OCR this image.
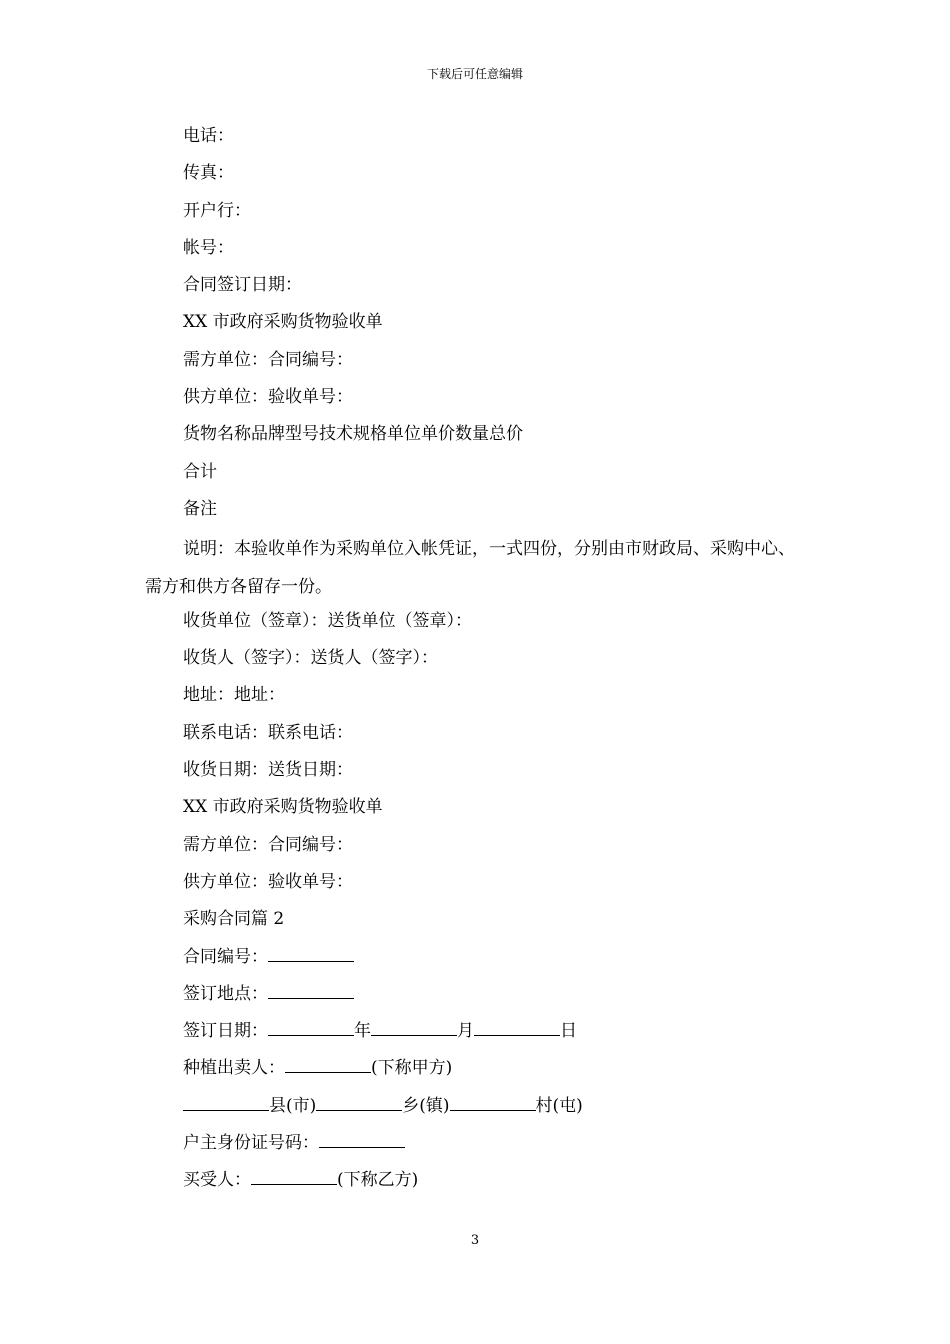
下载后可任意编辑
电话：
传真：
开户行：
帐号：
合同签订日期：
XX 市政府采购货物验收单
需方单位：合同编号：
供方单位：验收单号：
货物名称品牌型号技术规格单位单价数量总价
合计
备注
说明：本验收单作为采购单位入帐凭证，一式四份，分别由市财政局、采购中心、需方和供方各留存一份。
收货单位（签章）：送货单位（签章）：
收货人（签字）：送货人（签字）：
地址：地址：
联系电话：联系电话：
收货日期：送货日期：
XX 市政府采购货物验收单
需方单位：合同编号：
供方单位：验收单号：
采购合同篇 2
合同编号：
签订地点：
签订日期：	年	月	日
种植出卖人：	(下称甲方)
县(市)	乡(镇)	村(屯)
户主身份证号码：
买受人：	(下称乙方)
3
